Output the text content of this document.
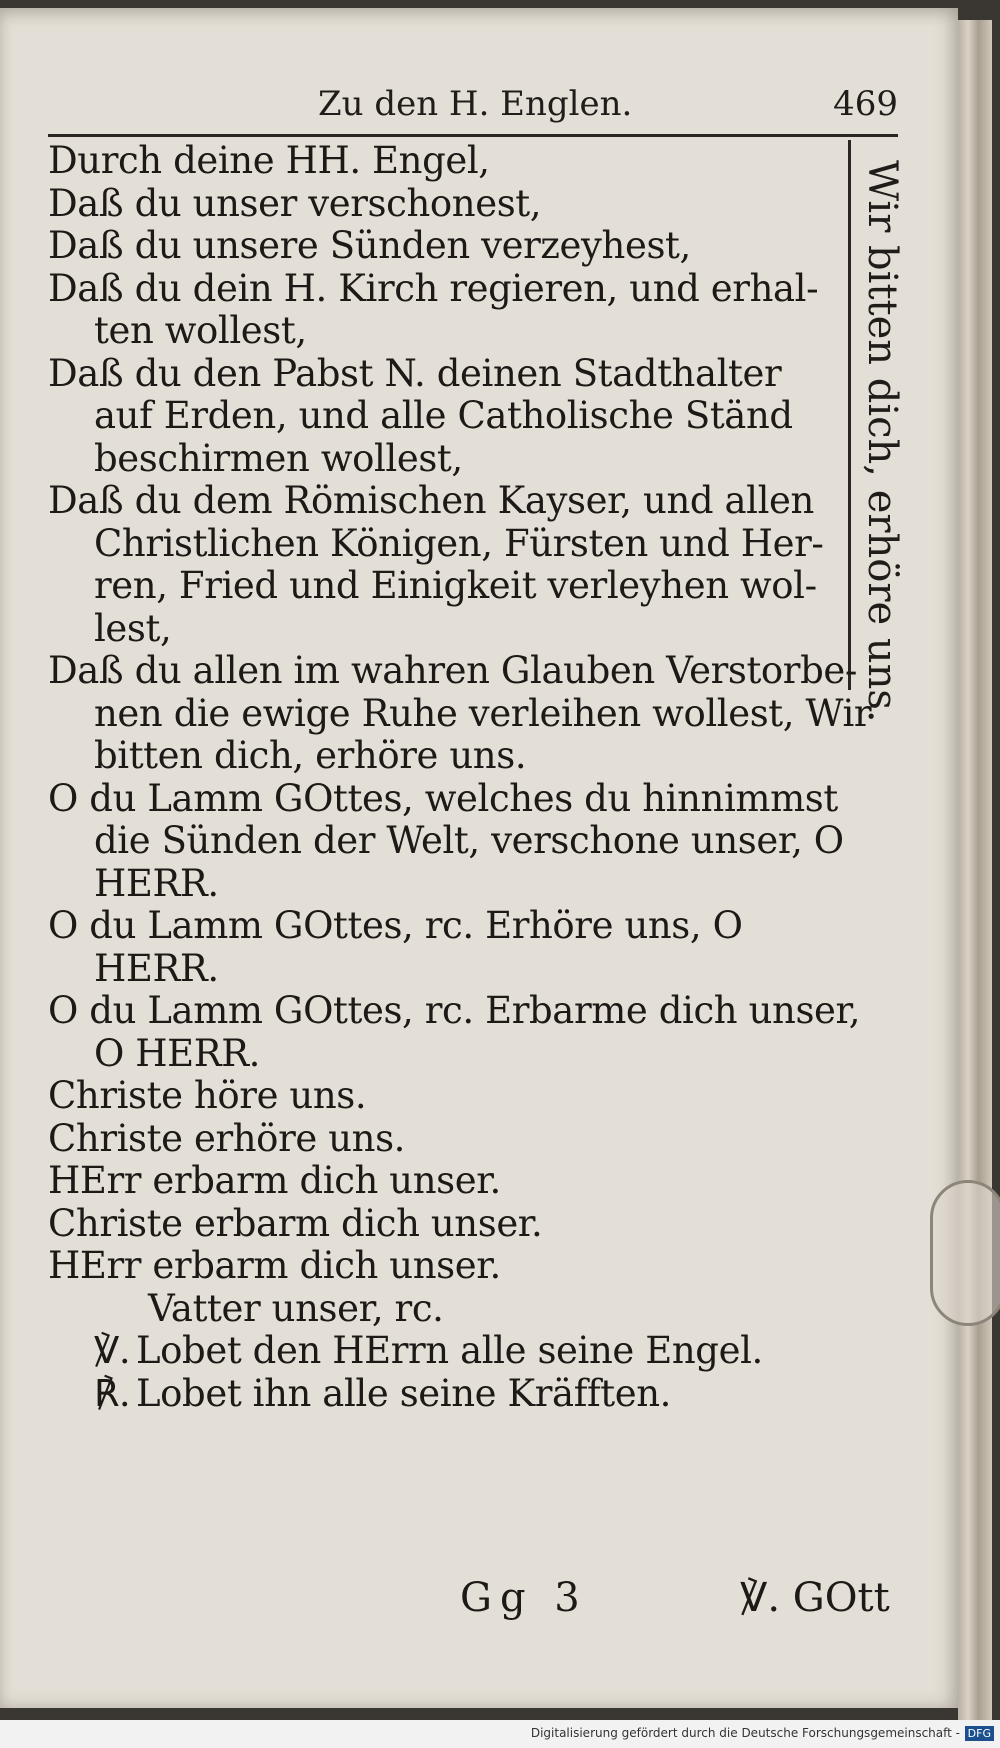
Zu den H. Englen.	469
Wir bitten dich, erhöre uns.
Durch deine HH. Engel,
Daß du unser verschonest,
Daß du unsere Sünden verzeyhest,
Daß du dein H. Kirch regieren, und erhal-
ten wollest,
Daß du den Pabst N. deinen Stadthalter
auf Erden, und alle Catholische Ständ
beschirmen wollest,
Daß du dem Römischen Kayser, und allen
Christlichen Königen, Fürsten und Her-
ren, Fried und Einigkeit verleyhen wol-
lest,
Daß du allen im wahren Glauben Verstorbe-
nen die ewige Ruhe verleihen wollest, Wir
bitten dich, erhöre uns.
O du Lamm GOttes, welches du hinnimmst
die Sünden der Welt, verschone unser, O
HERR.
O du Lamm GOttes, rc. Erhöre uns, O
HERR.
O du Lamm GOttes, rc. Erbarme dich unser,
O HERR.
Christe höre uns.
Christe erhöre uns.
HErr erbarm dich unser.
Christe erbarm dich unser.
HErr erbarm dich unser.
Vatter unser, rc.
℣. Lobet den HErrn alle seine Engel.
℟. Lobet ihn alle seine Kräfften.
Gg 3	℣. GOtt
Digitalisierung gefördert durch die Deutsche Forschungsgemeinschaft - DFG
